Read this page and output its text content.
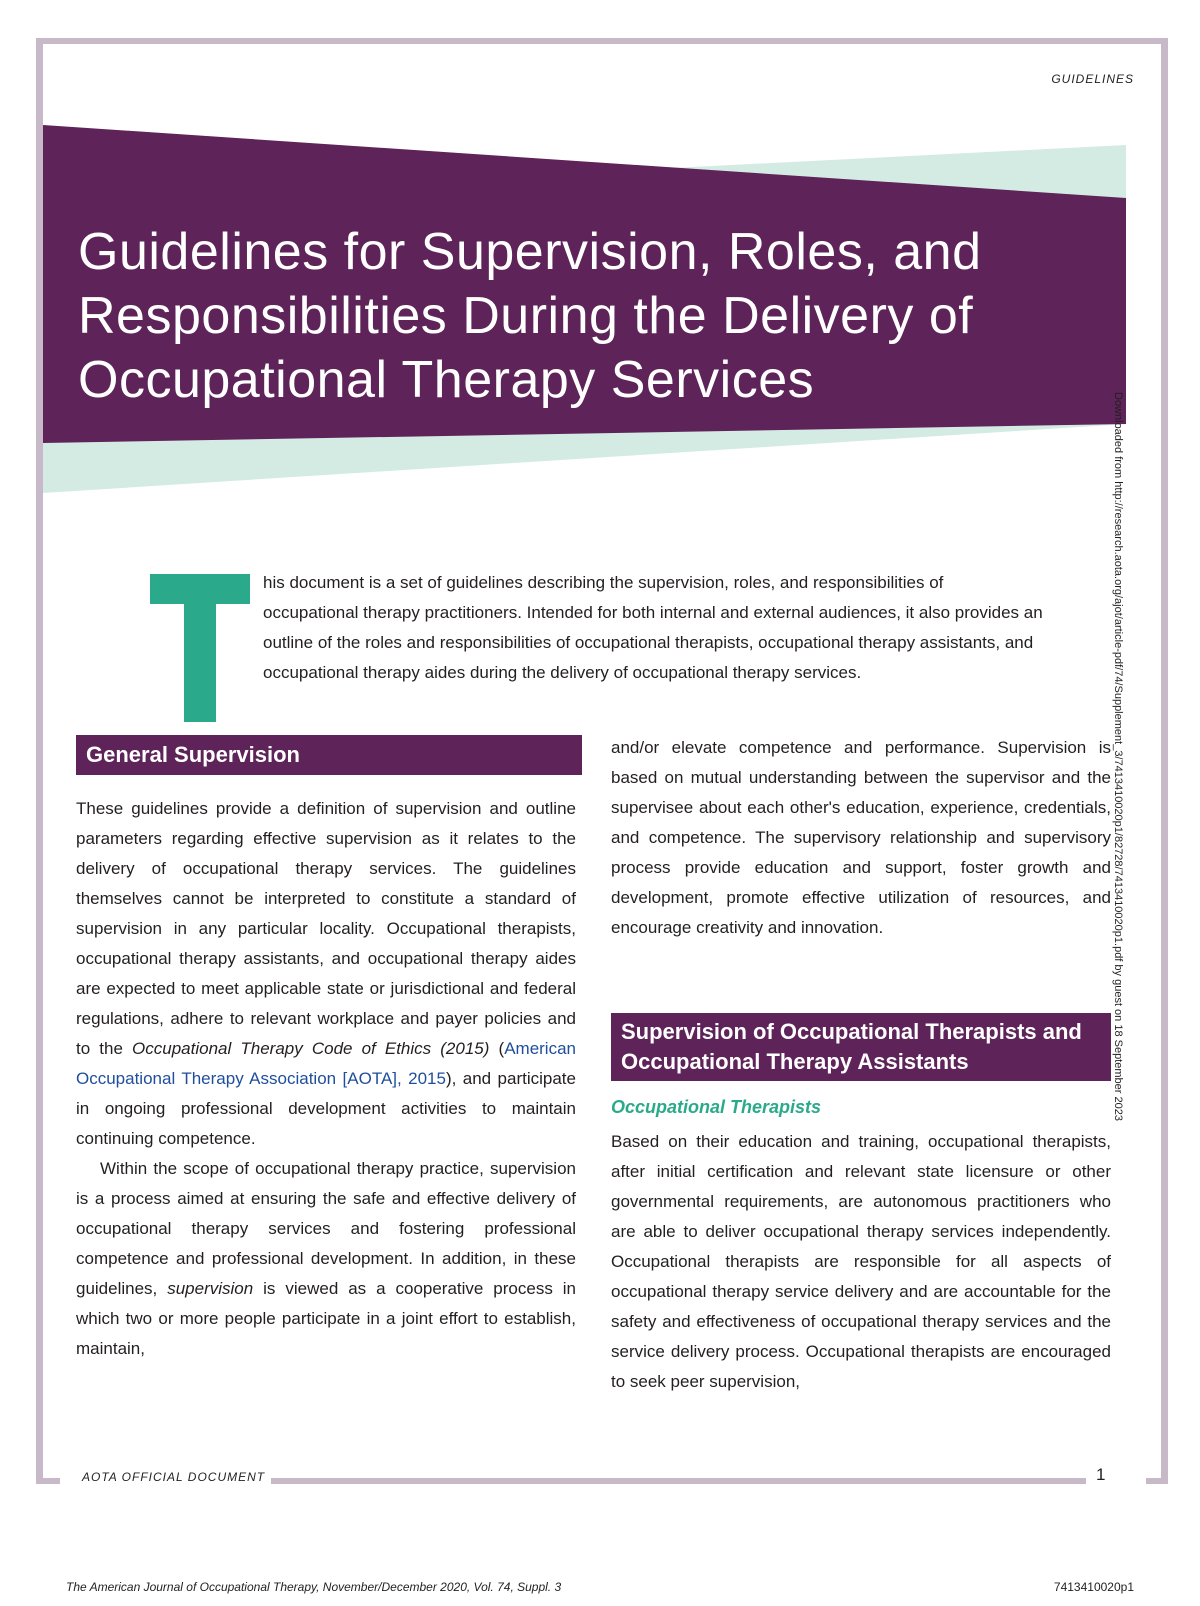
GUIDELINES
Guidelines for Supervision, Roles, and Responsibilities During the Delivery of Occupational Therapy Services

his document is a set of guidelines describing the supervision, roles, and responsibilities of occupational therapy practitioners. Intended for both internal and external audiences, it also provides an outline of the roles and responsibilities of occupational therapists, occupational therapy assistants, and occupational therapy aides during the delivery of occupational therapy services.

General Supervision

These guidelines provide a definition of supervision and outline parameters regarding effective supervision as it relates to the delivery of occupational therapy services. The guidelines themselves cannot be interpreted to constitute a standard of supervision in any particular locality. Occupational therapists, occupational therapy assistants, and occupational therapy aides are expected to meet applicable state or jurisdictional and federal regulations, adhere to relevant workplace and payer policies and to the Occupational Therapy Code of Ethics (2015) (American Occupational Therapy Association [AOTA], 2015), and participate in ongoing professional development activities to maintain continuing competence.

Within the scope of occupational therapy practice, supervision is a process aimed at ensuring the safe and effective delivery of occupational therapy services and fostering professional competence and professional development. In addition, in these guidelines, supervision is viewed as a cooperative process in which two or more people participate in a joint effort to establish, maintain,

and/or elevate competence and performance. Supervision is based on mutual understanding between the supervisor and the supervisee about each other's education, experience, credentials, and competence. The supervisory relationship and supervisory process provide education and support, foster growth and development, promote effective utilization of resources, and encourage creativity and innovation.

Supervision of Occupational Therapists and Occupational Therapy Assistants
Occupational Therapists

Based on their education and training, occupational therapists, after initial certification and relevant state licensure or other governmental requirements, are autonomous practitioners who are able to deliver occupational therapy services independently. Occupational therapists are responsible for all aspects of occupational therapy service delivery and are accountable for the safety and effectiveness of occupational therapy services and the service delivery process. Occupational therapists are encouraged to seek peer supervision,

AOTA OFFICIAL DOCUMENT	1
The American Journal of Occupational Therapy, November/December 2020, Vol. 74, Suppl. 3	7413410020p1
Downloaded from http://research.aota.org/ajot/article-pdf/74/Supplement_3/7413410020p1/82728/7413410020p1.pdf by guest on 18 September 2023
